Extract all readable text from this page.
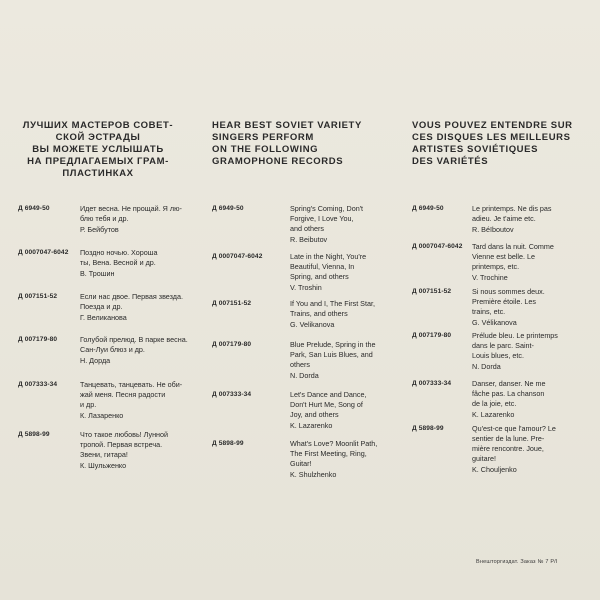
ЛУЧШИХ МАСТЕРОВ СОВЕТ-
СКОЙ ЭСТРАДЫ
ВЫ МОЖЕТЕ УСЛЫШАТЬ
НА ПРЕДЛАГАЕМЫХ ГРАМ-
ПЛАСТИНКАХ

Д 6949-50	Идет весна. Не прощай. Я лю-
блю тебя и др.
Р. Бейбутов
Д 0007047-6042 Поздно ночью. Хороша
ты, Вена. Весной и др.
В. Трошин
Д 007151-52	Если нас двое. Первая звезда.
Поезда и др.
Г. Великанова
Д 007179-80	Голубой прелюд. В парке весна.
Сан-Луи блюз и др.
Н. Дорда
Д 007333-34	Танцевать, танцевать. Не оби-
жай меня. Песня радости
и др.
К. Лазаренко
Д 5898-99	Что такое любовь! Лунной
тропой. Первая встреча.
Звени, гитара!
К. Шульженко

HEAR BEST SOVIET VARIETY
SINGERS PERFORM
ON THE FOLLOWING
GRAMOPHONE RECORDS

Д 6949-50	Spring's Coming, Don't
Forgive, I Love You,
and others
R. Beibutov
Д 0007047-6042	Late in the Night, You're
Beautiful, Vienna, In
Spring, and others
V. Troshin
Д 007151-52	If You and I, The First Star,
Trains, and others
G. Velikanova
Д 007179-80	Blue Prelude, Spring in the
Park, San Luis Blues, and
others
N. Dorda
Д 007333-34	Let's Dance and Dance,
Don't Hurt Me, Song of
Joy, and others
K. Lazarenko
Д 5898-99	What's Love? Moonlit Path,
The First Meeting, Ring,
Guitar!
K. Shulzhenko

VOUS POUVEZ ENTENDRE SUR
CES DISQUES LES MEILLEURS
ARTISTES SOVIÉTIQUES
DES VARIÉTÉS

Д 6949-50	Le printemps. Ne dis pas
adieu. Je t'aime etc.
R. Béïboutov
Д 0007047-6042 Tard dans la nuit. Comme
Vienne est belle. Le
printemps, etc.
V. Trochine
Д 007151-52	Si nous sommes deux.
Première étoile. Les
trains, etc.
G. Vélikanova
Д 007179-80	Prélude bleu. Le printemps
dans le parc. Saint-
Louis blues, etc.
N. Dorda
Д 007333-34	Danser, danser. Ne me
fâche pas. La chanson
de la joie, etc.
K. Lazarenko
Д 5898-99	Qu'est-ce que l'amour? Le
sentier de la lune. Pre-
mière rencontre. Joue,
guitare!
K. Chouljenko
Внешторгиздат. Заказ № 7 Р/І
